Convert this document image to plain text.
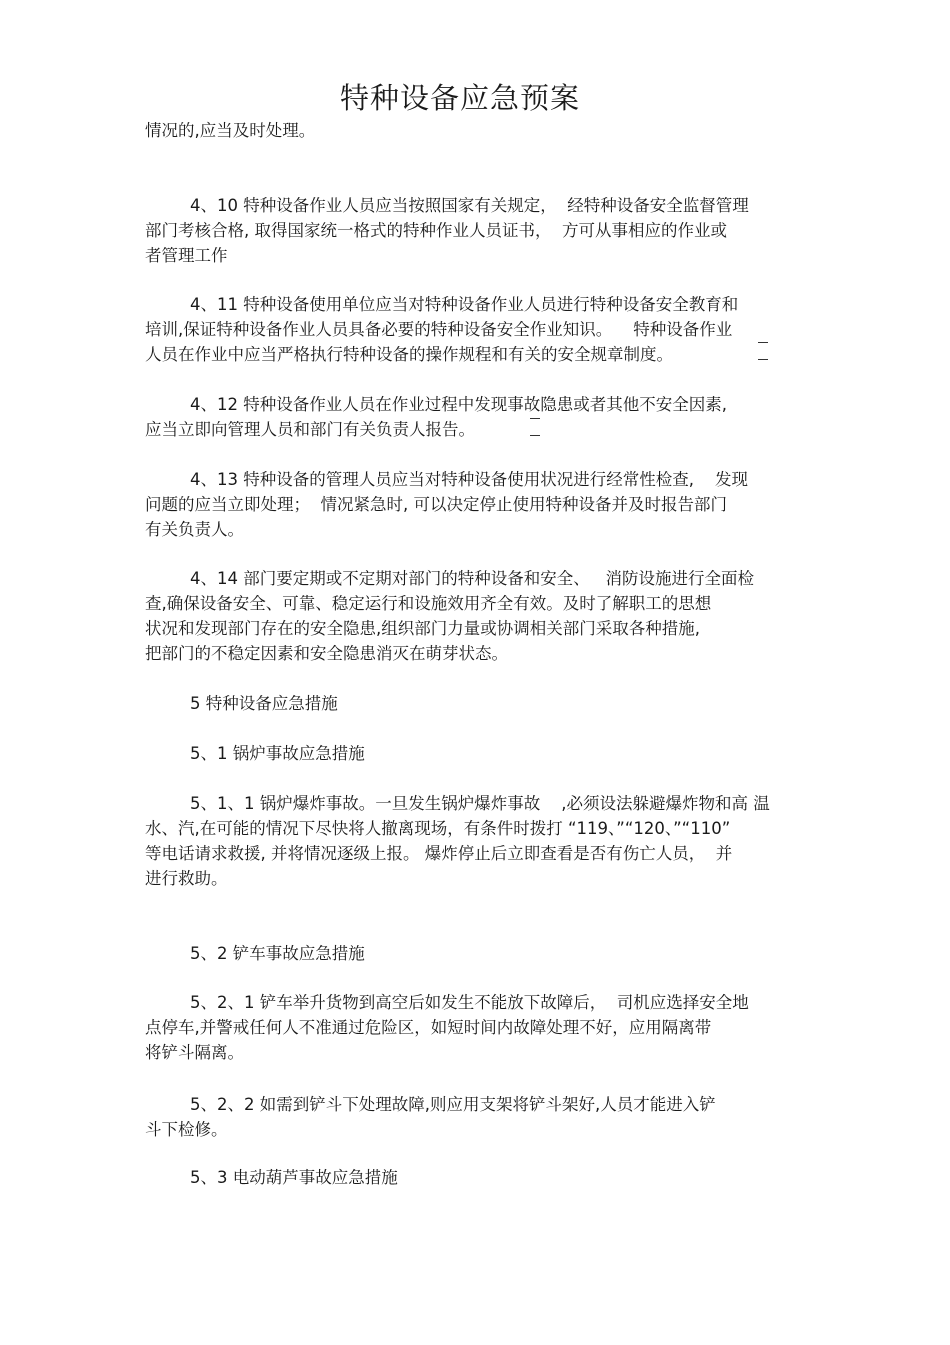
特种设备应急预案
情况的,应当及时处理。
4、10 特种设备作业人员应当按照国家有关规定，  经特种设备安全监督管理
部门考核合格, 取得国家统一格式的特种作业人员证书，  方可从事相应的作业或
者管理工作
4、11 特种设备使用单位应当对特种设备作业人员进行特种设备安全教育和
培训,保证特种设备作业人员具备必要的特种设备安全作业知识。    特种设备作业
人员在作业中应当严格执行特种设备的操作规程和有关的安全规章制度。
4、12 特种设备作业人员在作业过程中发现事故隐患或者其他不安全因素,
应当立即向管理人员和部门有关负责人报告。
4、13 特种设备的管理人员应当对特种设备使用状况进行经常性检查,    发现
问题的应当立即处理；  情况紧急时, 可以决定停止使用特种设备并及时报告部门
有关负责人。
4、14 部门要定期或不定期对部门的特种设备和安全、   消防设施进行全面检
查,确保设备安全、可靠、稳定运行和设施效用齐全有效。及时了解职工的思想
状况和发现部门存在的安全隐患,组织部门力量或协调相关部门采取各种措施,
把部门的不稳定因素和安全隐患消灭在萌芽状态。
5 特种设备应急措施
5、1 锅炉事故应急措施
5、1、1 锅炉爆炸事故。一旦发生锅炉爆炸事故    ,必须设法躲避爆炸物和高 温
水、汽,在可能的情况下尽快将人撤离现场，有条件时拨打 “119、”“120、”“110”
等电话请求救援, 并将情况逐级上报。 爆炸停止后立即查看是否有伤亡人员，  并
进行救助。
5、2 铲车事故应急措施
5、2、1 铲车举升货物到高空后如发生不能放下故障后，  司机应选择安全地
点停车,并警戒任何人不准通过危险区，如短时间内故障处理不好，应用隔离带
将铲斗隔离。
5、2、2 如需到铲斗下处理故障,则应用支架将铲斗架好,人员才能进入铲
斗下检修。
5、3 电动葫芦事故应急措施
